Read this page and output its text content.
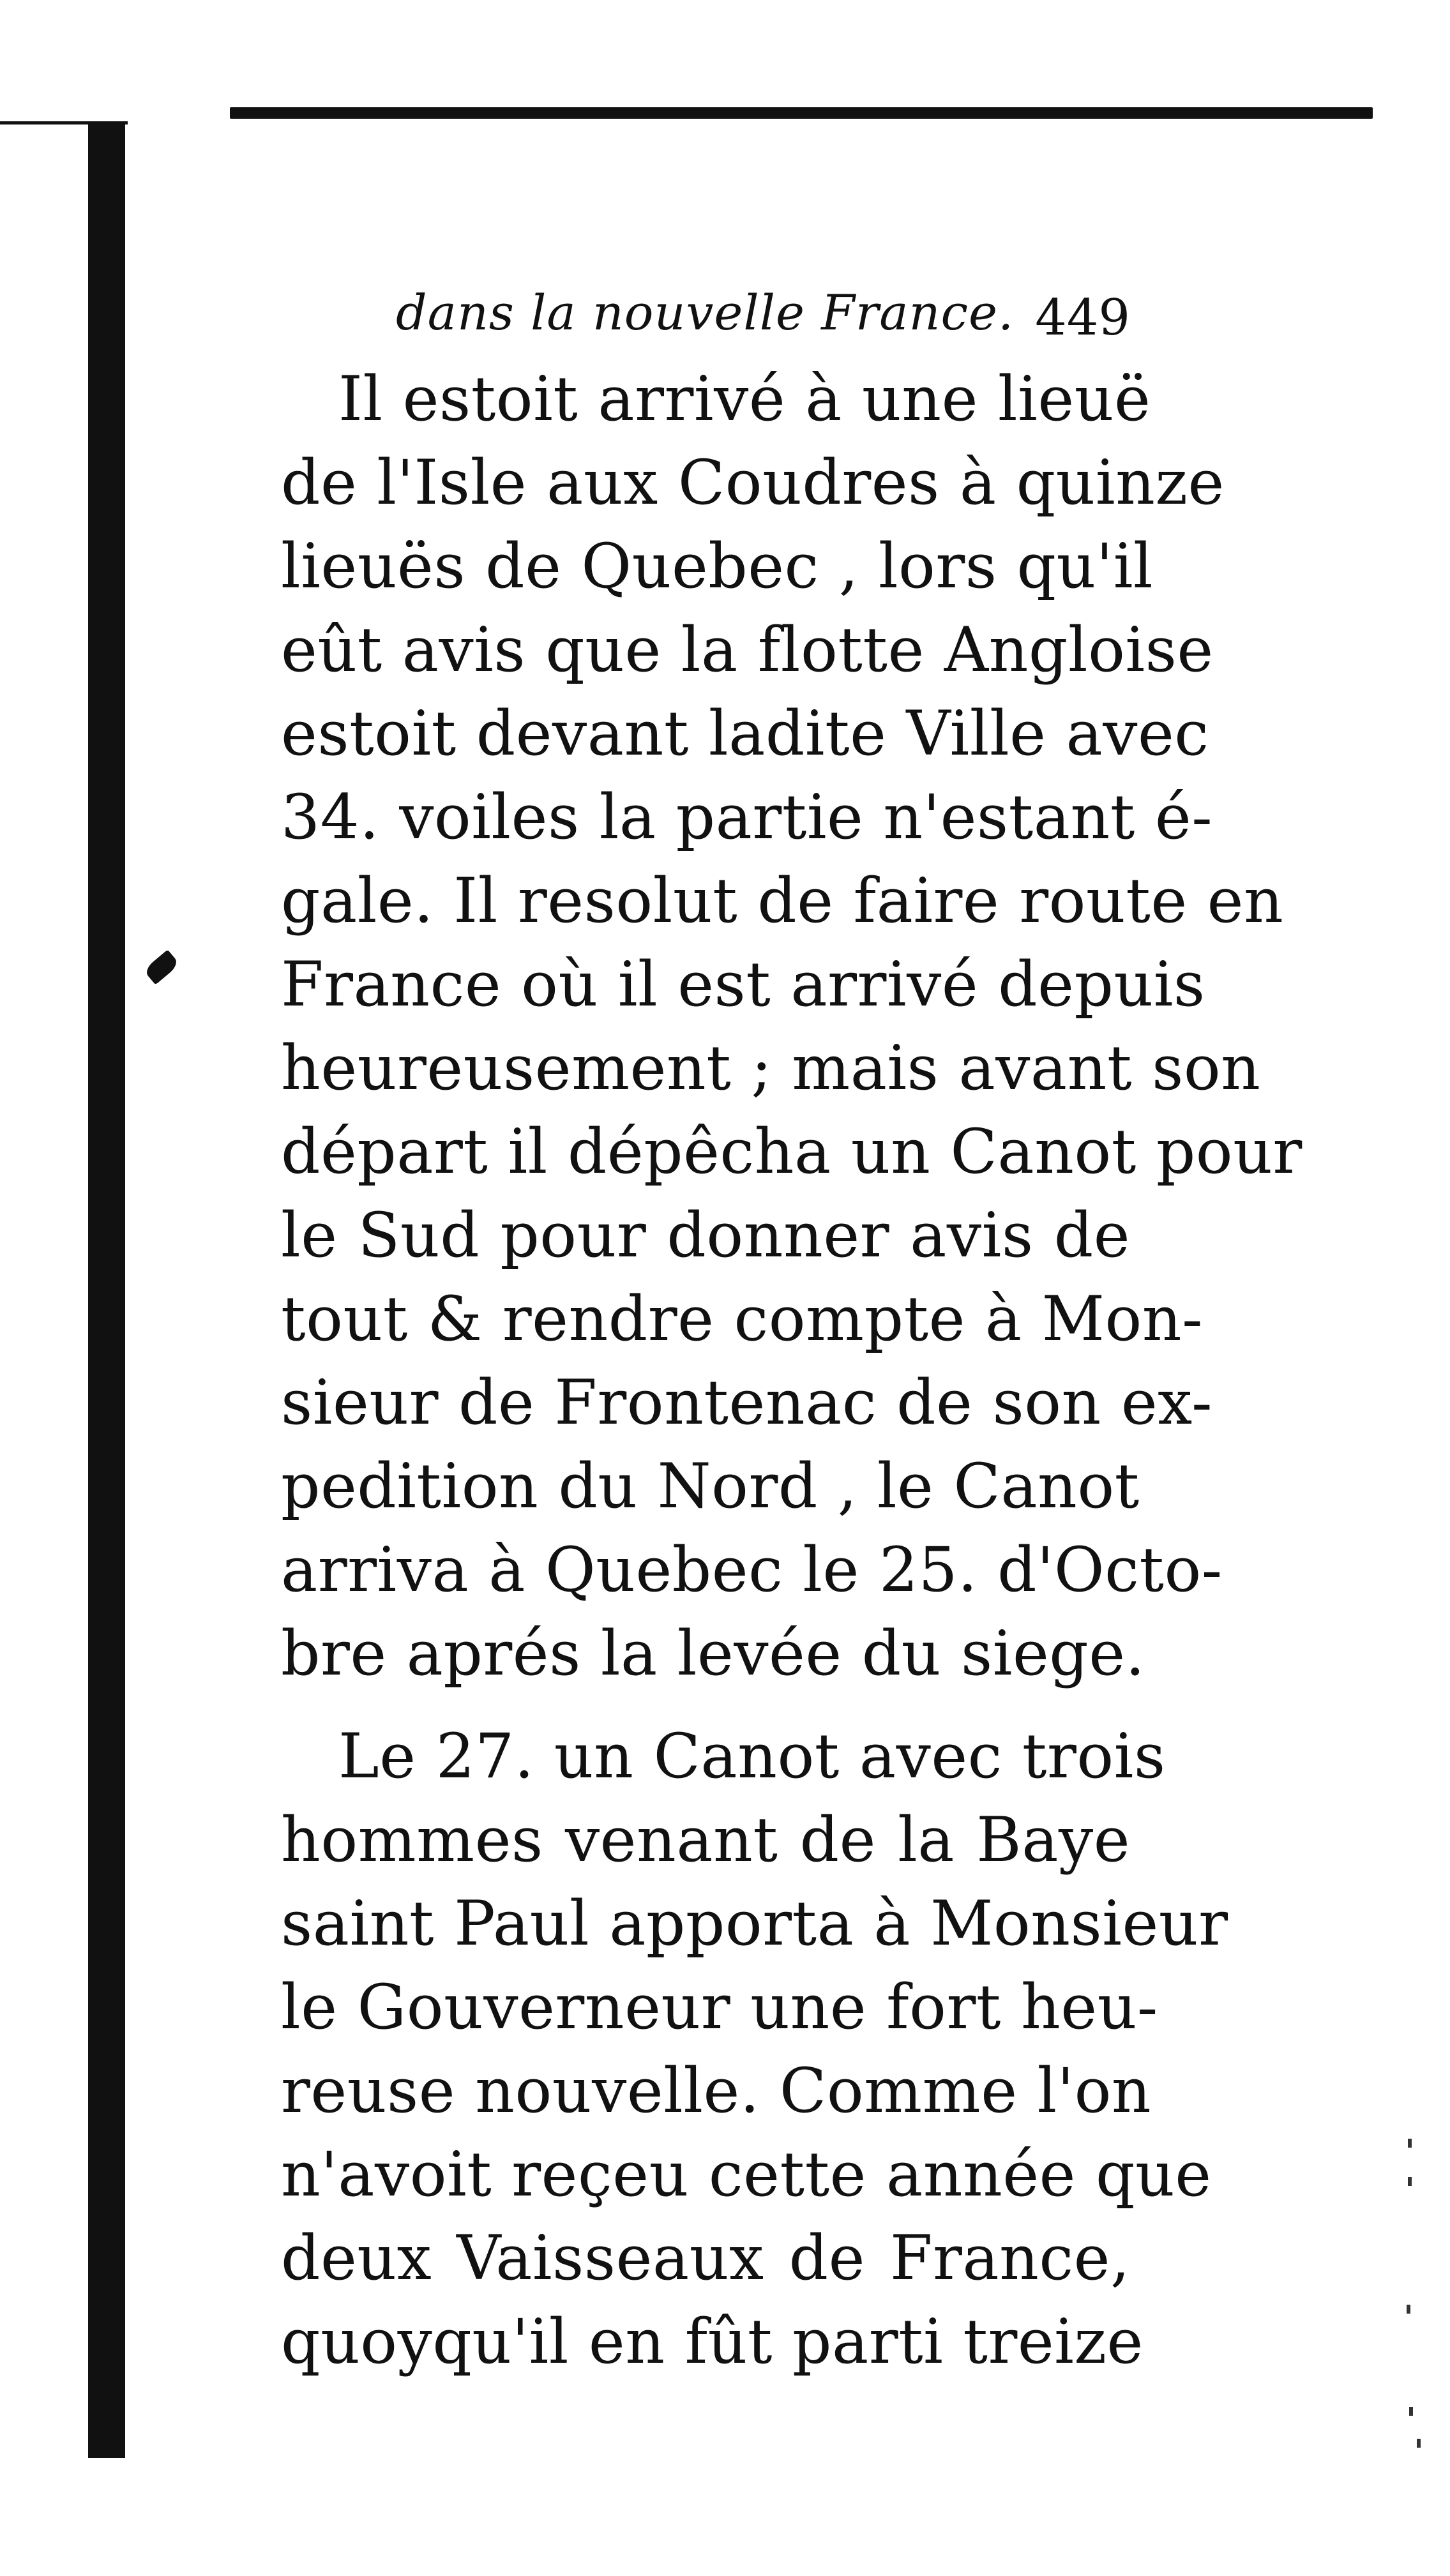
dans la nouvelle France. 449
Il estoit arrivé à une lieuë
de l'Isle aux Coudres à quinze
lieuës de Quebec , lors qu'il
eût avis que la flotte Angloise
estoit devant ladite Ville avec
34. voiles la partie n'estant é-
gale. Il resolut de faire route en
France où il est arrivé depuis
heureusement ; mais avant son
départ il dépêcha un Canot pour
le Sud pour donner avis de
tout & rendre compte à Mon-
sieur de Frontenac de son ex-
pedition du Nord , le Canot
arriva à Quebec le 25. d'Octo-
bre aprés la levée du siege.
Le 27. un Canot avec trois
hommes venant de la Baye
saint Paul apporta à Monsieur
le Gouverneur une fort heu-
reuse nouvelle. Comme l'on
n'avoit reçeu cette année que
deux Vaisseaux de France,
quoyqu'il en fût parti treize
